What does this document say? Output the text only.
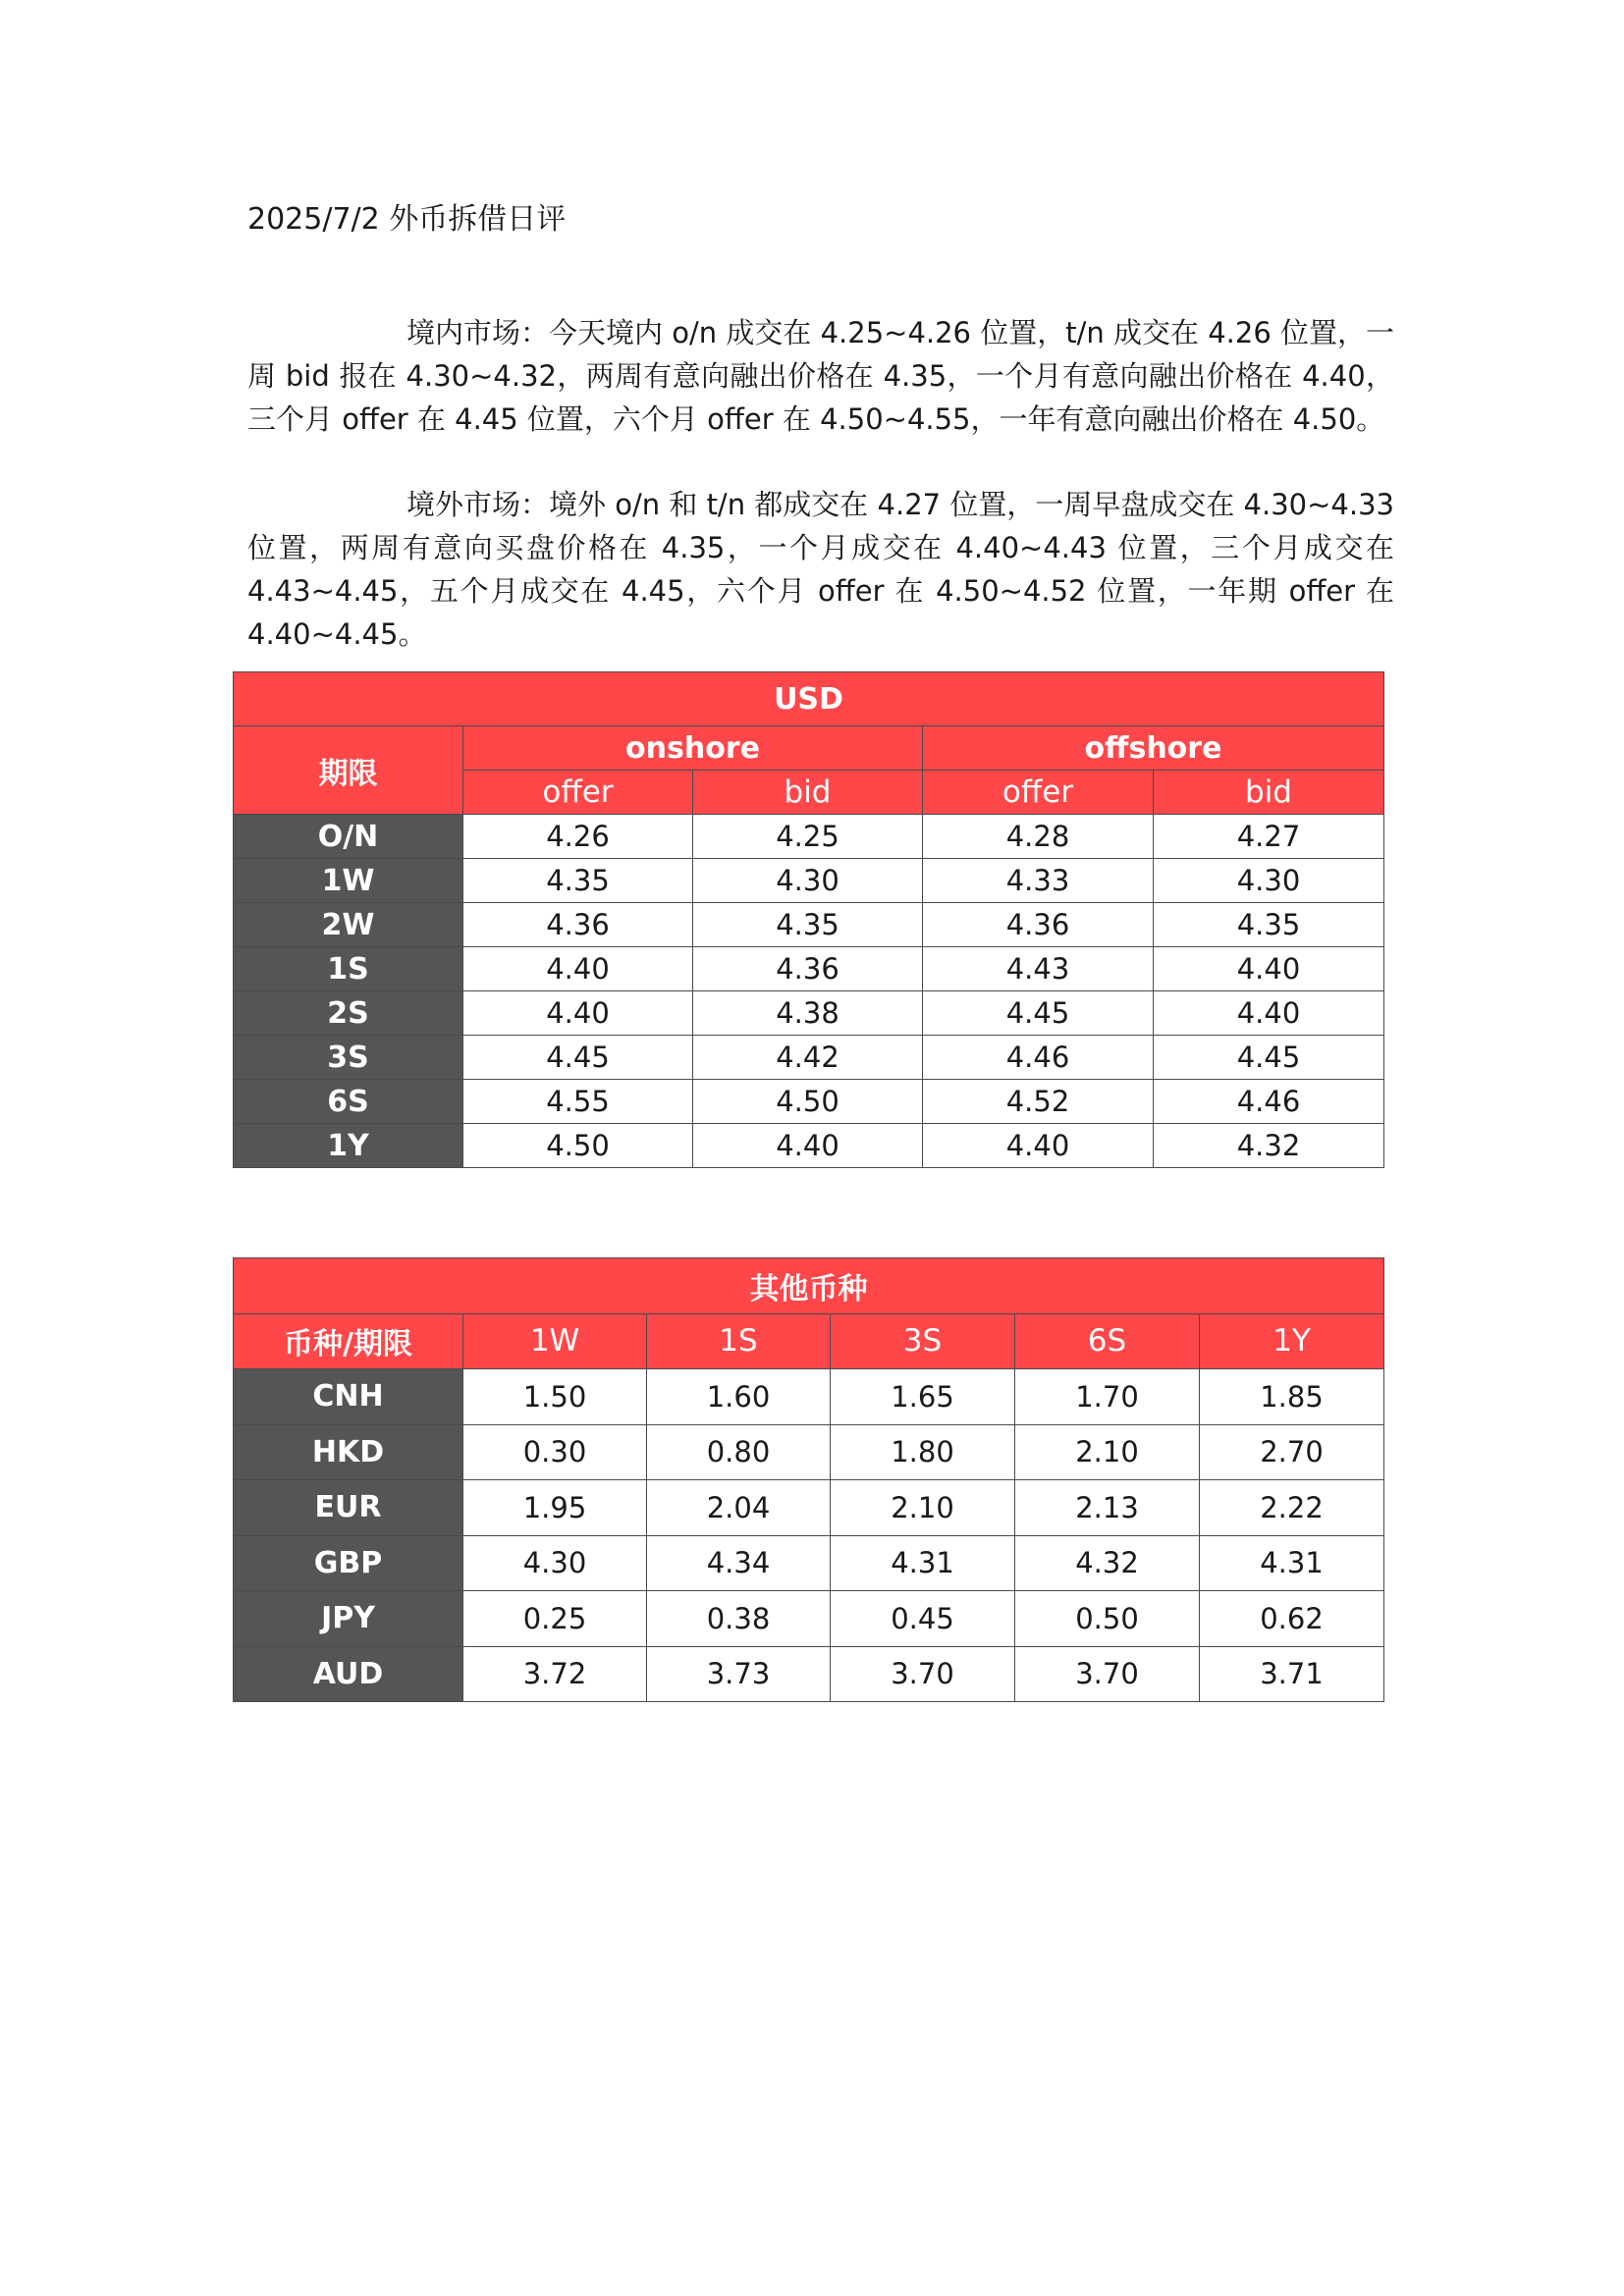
2025/7/2 外币拆借日评

境内市场：今天境内 o/n 成交在 4.25~4.26 位置，t/n 成交在 4.26 位置，一周 bid 报在 4.30~4.32，两周有意向融出价格在 4.35，一个月有意向融出价格在 4.40，三个月 offer 在 4.45 位置，六个月 offer 在 4.50~4.55，一年有意向融出价格在 4.50。

境外市场：境外 o/n 和 t/n 都成交在 4.27 位置，一周早盘成交在 4.30~4.33 位置，两周有意向买盘价格在 4.35，一个月成交在 4.40~4.43 位置，三个月成交在 4.43~4.45，五个月成交在 4.45，六个月 offer 在 4.50~4.52 位置，一年期 offer 在 4.40~4.45。

USD				
期限	onshore		offshore	
	offer	bid	offer	bid
O/N	4.26	4.25	4.28	4.27
1W	4.35	4.30	4.33	4.30
2W	4.36	4.35	4.36	4.35
1S	4.40	4.36	4.43	4.40
2S	4.40	4.38	4.45	4.40
3S	4.45	4.42	4.46	4.45
6S	4.55	4.50	4.52	4.46
1Y	4.50	4.40	4.40	4.32
其他币种					
币种/期限	1W	1S	3S	6S	1Y
CNH	1.50	1.60	1.65	1.70	1.85
HKD	0.30	0.80	1.80	2.10	2.70
EUR	1.95	2.04	2.10	2.13	2.22
GBP	4.30	4.34	4.31	4.32	4.31
JPY	0.25	0.38	0.45	0.50	0.62
AUD	3.72	3.73	3.70	3.70	3.71
